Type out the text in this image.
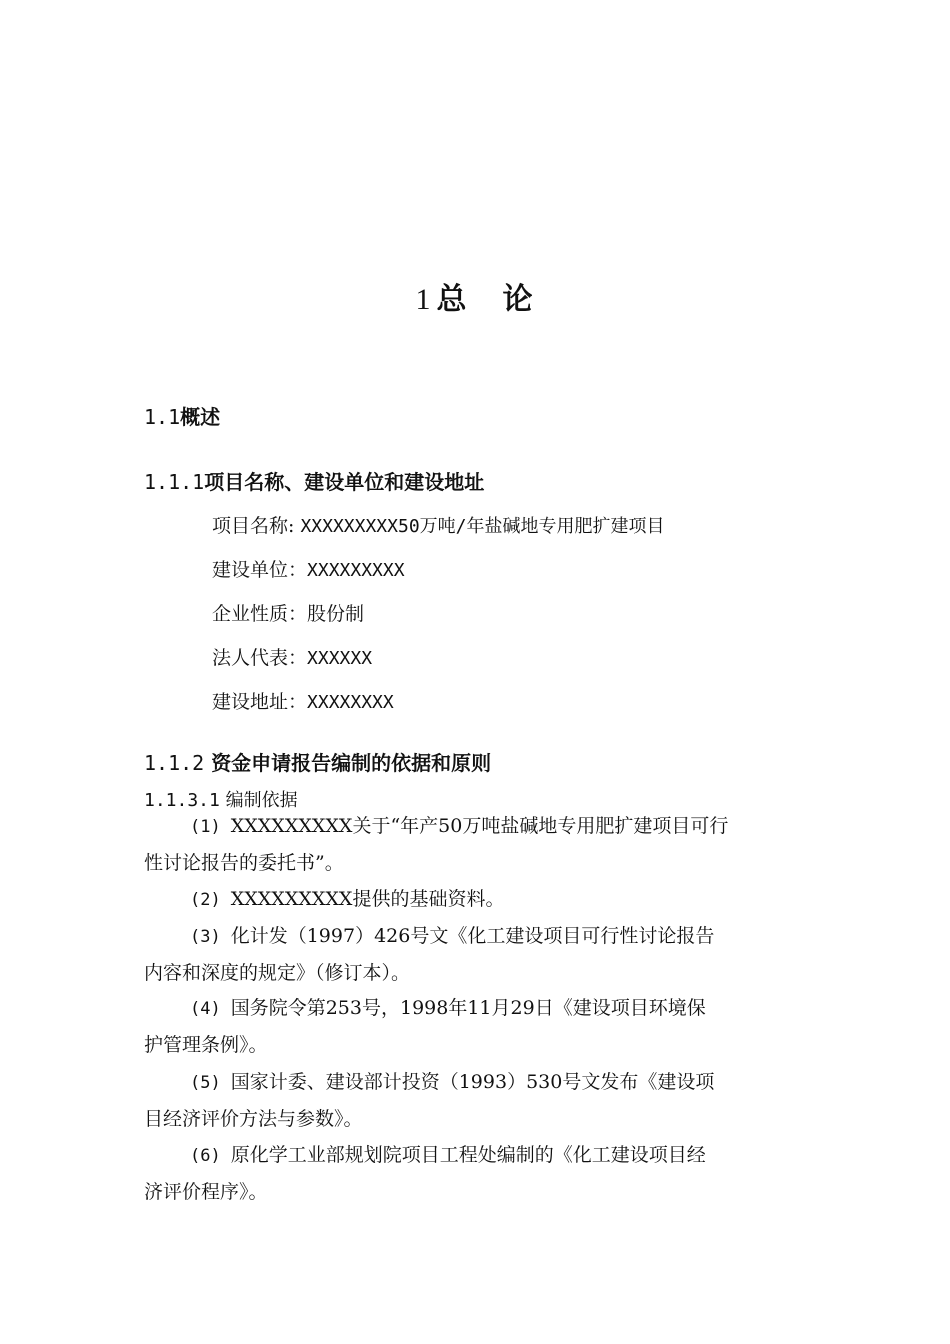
1 总 论
1.1概述
1.1.1项目名称、建设单位和建设地址
项目名称: XXXXXXXXX50万吨/年盐碱地专用肥扩建项目
建设单位：XXXXXXXXX
企业性质：股份制
法人代表：XXXXXX
建设地址：XXXXXXXX
1.1.2 资金申请报告编制的依据和原则
1.1.3.1 编制依据
(1) XXXXXXXXX关于“年产50万吨盐碱地专用肥扩建项目可行
性讨论报告的委托书”。
(2) XXXXXXXXX提供的基础资料。
(3) 化计发（1997）426号文《化工建设项目可行性讨论报告
内容和深度的规定》（修订本）。
(4) 国务院令第253号，1998年11月29日《建设项目环境保
护管理条例》。
(5) 国家计委、建设部计投资（1993）530号文发布《建设项
目经济评价方法与参数》。
(6) 原化学工业部规划院项目工程处编制的《化工建设项目经
济评价程序》。
